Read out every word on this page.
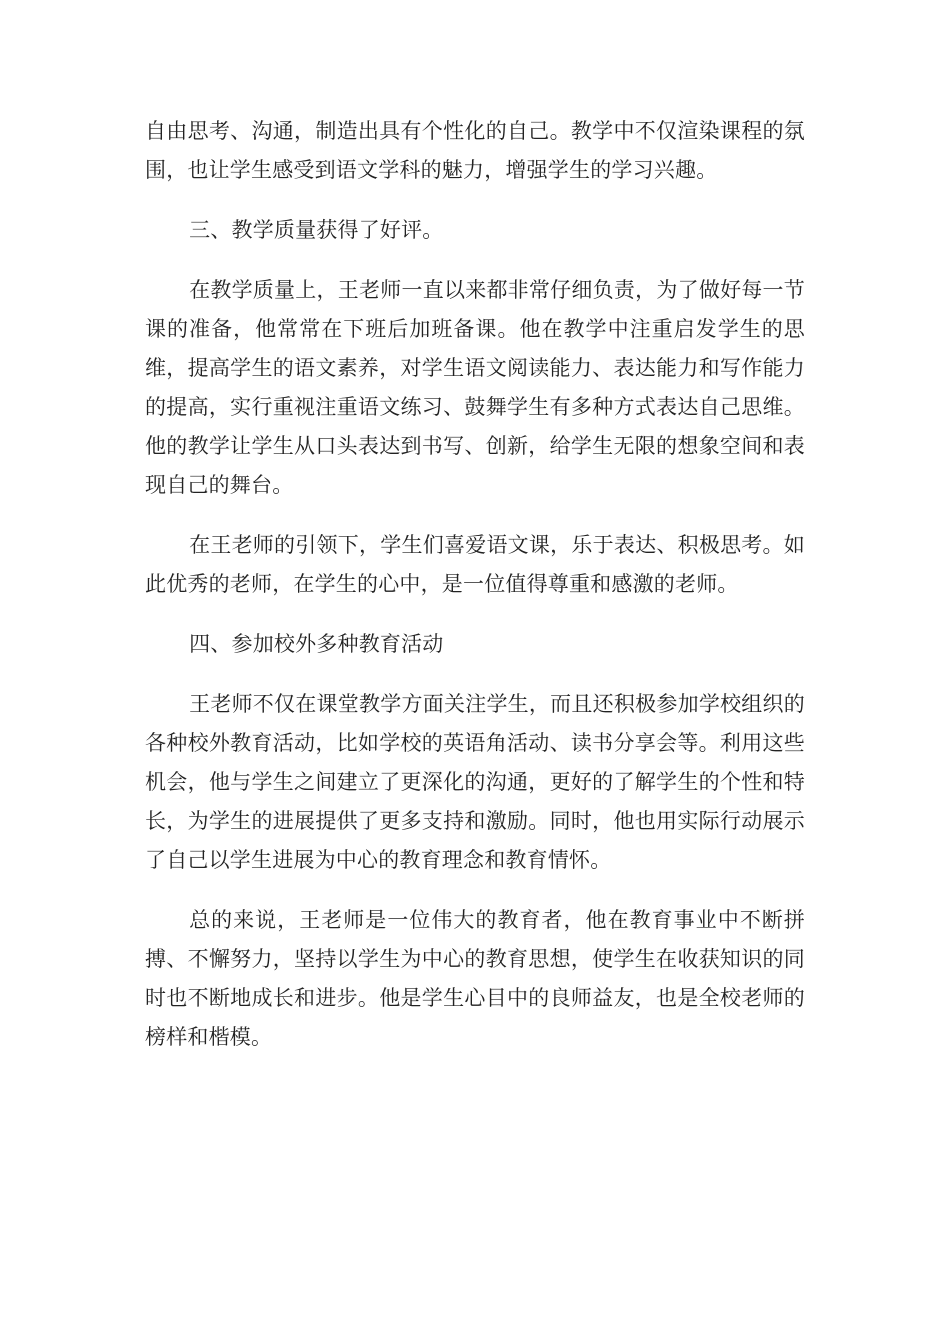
自由思考、沟通，制造出具有个性化的自己。教学中不仅渲染课程的氛围，也让学生感受到语文学科的魅力，增强学生的学习兴趣。

三、教学质量获得了好评。

在教学质量上，王老师一直以来都非常仔细负责，为了做好每一节课的准备，他常常在下班后加班备课。他在教学中注重启发学生的思维，提高学生的语文素养，对学生语文阅读能力、表达能力和写作能力的提高，实行重视注重语文练习、鼓舞学生有多种方式表达自己思维。他的教学让学生从口头表达到书写、创新，给学生无限的想象空间和表现自己的舞台。

在王老师的引领下，学生们喜爱语文课，乐于表达、积极思考。如此优秀的老师，在学生的心中，是一位值得尊重和感激的老师。

四、参加校外多种教育活动

王老师不仅在课堂教学方面关注学生，而且还积极参加学校组织的各种校外教育活动，比如学校的英语角活动、读书分享会等。利用这些机会，他与学生之间建立了更深化的沟通，更好的了解学生的个性和特长，为学生的进展提供了更多支持和激励。同时，他也用实际行动展示了自己以学生进展为中心的教育理念和教育情怀。

总的来说，王老师是一位伟大的教育者，他在教育事业中不断拼搏、不懈努力，坚持以学生为中心的教育思想，使学生在收获知识的同时也不断地成长和进步。他是学生心目中的良师益友，也是全校老师的榜样和楷模。
